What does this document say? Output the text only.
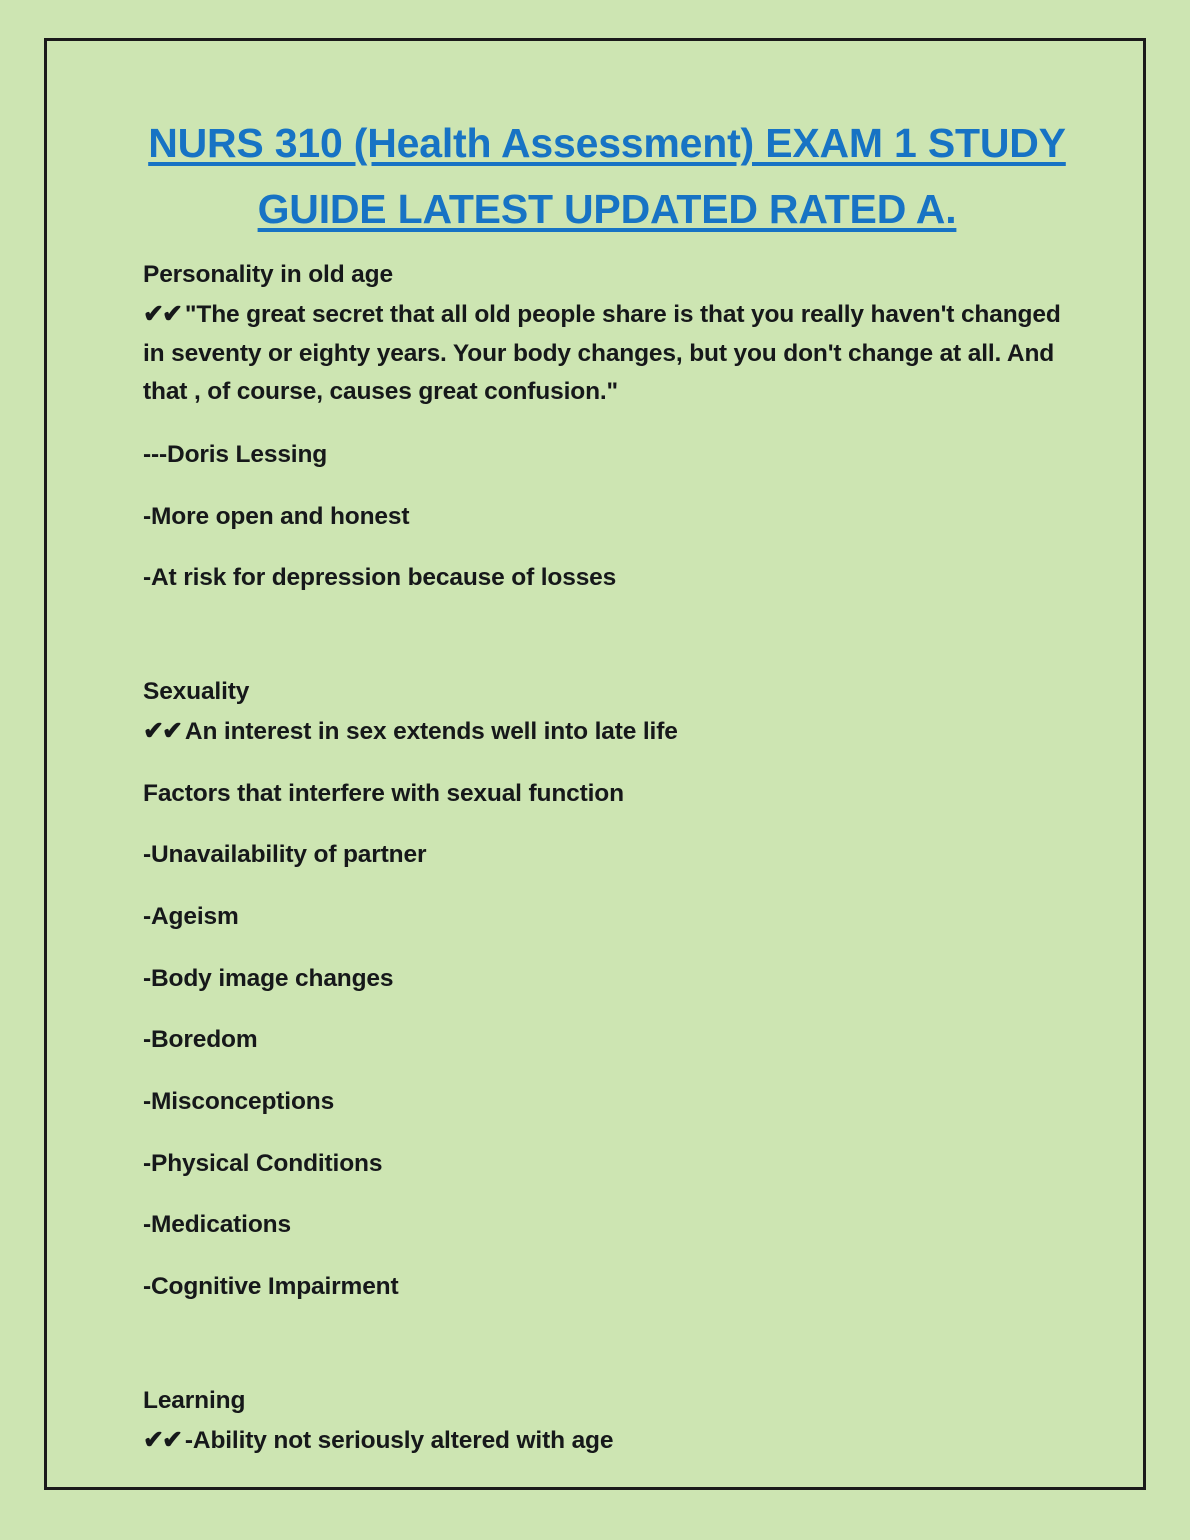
NURS 310 (Health Assessment) EXAM 1 STUDY GUIDE LATEST UPDATED RATED A.

Personality in old age

✔✔ "The great secret that all old people share is that you really haven't changed in seventy or eighty years. Your body changes, but you don't change at all. And that , of course, causes great confusion."

---Doris Lessing

-More open and honest

-At risk for depression because of losses

Sexuality

✔✔ An interest in sex extends well into late life

Factors that interfere with sexual function

-Unavailability of partner

-Ageism

-Body image changes

-Boredom

-Misconceptions

-Physical Conditions

-Medications

-Cognitive Impairment

Learning

✔✔ -Ability not seriously altered with age
